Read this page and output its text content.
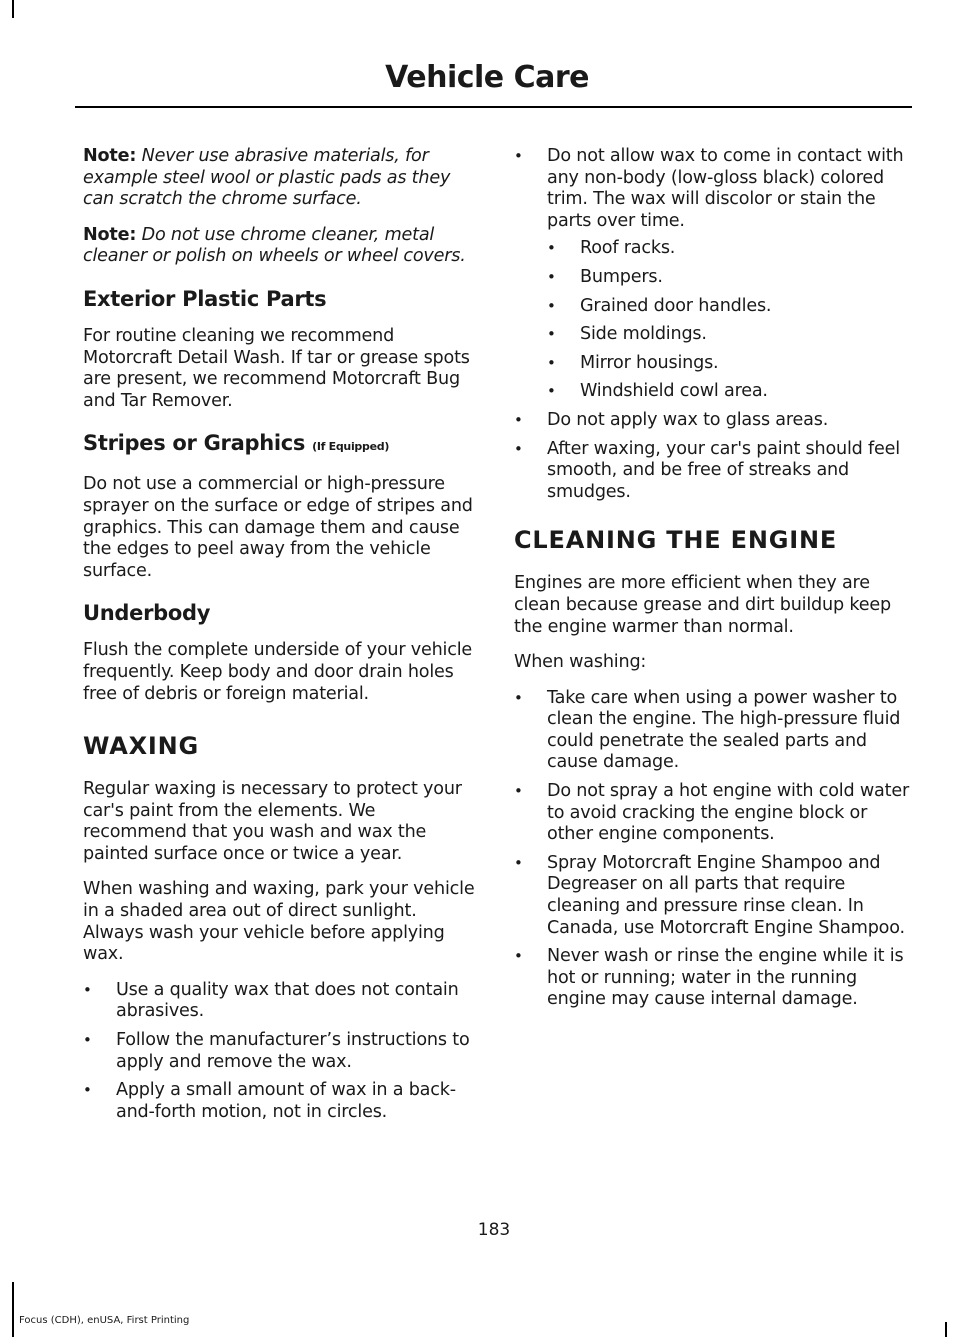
Vehicle Care

Note: Never use abrasive materials, for example steel wool or plastic pads as they can scratch the chrome surface.

Note: Do not use chrome cleaner, metal cleaner or polish on wheels or wheel covers.

Exterior Plastic Parts

For routine cleaning we recommend Motorcraft Detail Wash. If tar or grease spots are present, we recommend Motorcraft Bug and Tar Remover.

Stripes or Graphics (If Equipped)

Do not use a commercial or high-pressure sprayer on the surface or edge of stripes and graphics. This can damage them and cause the edges to peel away from the vehicle surface.

Underbody

Flush the complete underside of your vehicle frequently. Keep body and door drain holes free of debris or foreign material.

WAXING

Regular waxing is necessary to protect your car's paint from the elements. We recommend that you wash and wax the painted surface once or twice a year.

When washing and waxing, park your vehicle in a shaded area out of direct sunlight. Always wash your vehicle before applying wax.

• Use a quality wax that does not contain abrasives.
• Follow the manufacturer’s instructions to apply and remove the wax.
• Apply a small amount of wax in a back-and-forth motion, not in circles.
• Do not allow wax to come in contact with any non-body (low-gloss black) colored trim. The wax will discolor or stain the parts over time.
• Roof racks.
• Bumpers.
• Grained door handles.
• Side moldings.
• Mirror housings.
• Windshield cowl area.
• Do not apply wax to glass areas.
• After waxing, your car's paint should feel smooth, and be free of streaks and smudges.
CLEANING THE ENGINE

Engines are more efficient when they are clean because grease and dirt buildup keep the engine warmer than normal.

When washing:

• Take care when using a power washer to clean the engine. The high-pressure fluid could penetrate the sealed parts and cause damage.
• Do not spray a hot engine with cold water to avoid cracking the engine block or other engine components.
• Spray Motorcraft Engine Shampoo and Degreaser on all parts that require cleaning and pressure rinse clean. In Canada, use Motorcraft Engine Shampoo.
• Never wash or rinse the engine while it is hot or running; water in the running engine may cause internal damage.
183
Focus (CDH), enUSA, First Printing
